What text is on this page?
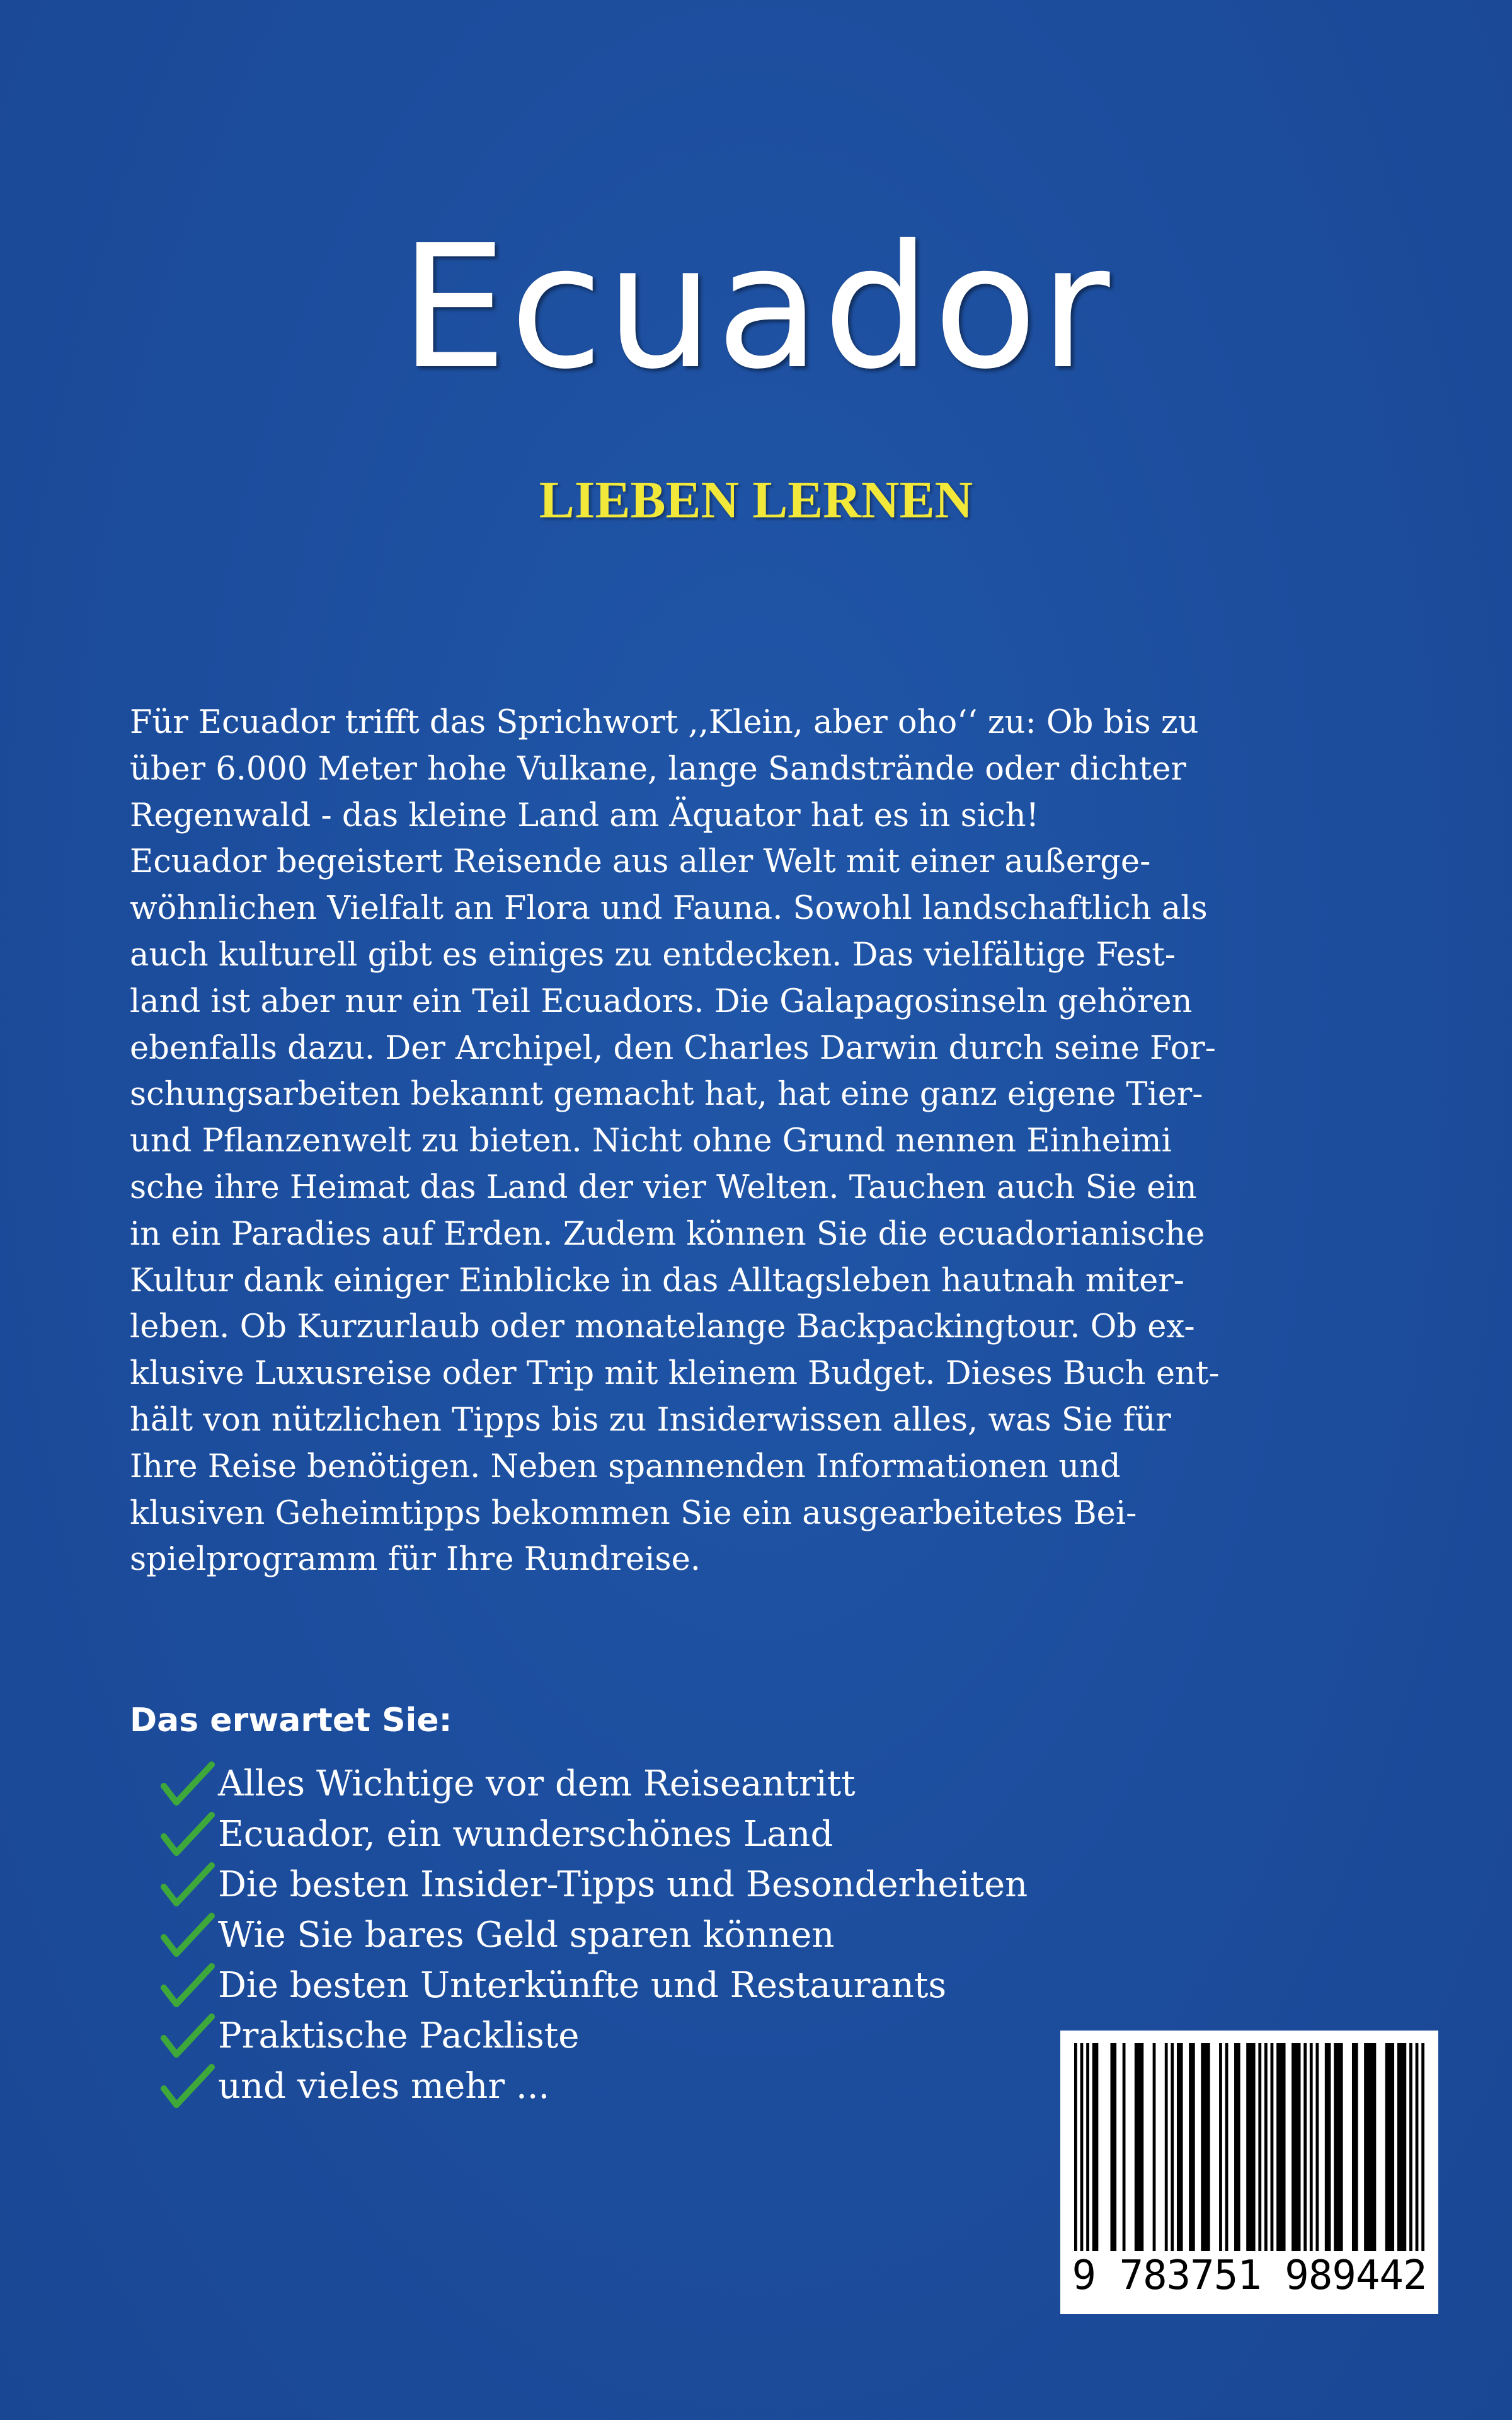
Ecuador
LIEBEN LERNEN

Für Ecuador trifft das Sprichwort ,,Klein, aber oho‘‘ zu: Ob bis zu
über 6.000 Meter hohe Vulkane, lange Sandstrände oder dichter
Regenwald - das kleine Land am Äquator hat es in sich!
Ecuador begeistert Reisende aus aller Welt mit einer außerge-
wöhnlichen Vielfalt an Flora und Fauna. Sowohl landschaftlich als
auch kulturell gibt es einiges zu entdecken. Das vielfältige Fest-
land ist aber nur ein Teil Ecuadors. Die Galapagosinseln gehören
ebenfalls dazu. Der Archipel, den Charles Darwin durch seine For-
schungsarbeiten bekannt gemacht hat, hat eine ganz eigene Tier-
und Pflanzenwelt zu bieten. Nicht ohne Grund nennen Einheimi
sche ihre Heimat das Land der vier Welten. Tauchen auch Sie ein
in ein Paradies auf Erden. Zudem können Sie die ecuadorianische
Kultur dank einiger Einblicke in das Alltagsleben hautnah miter-
leben. Ob Kurzurlaub oder monatelange Backpackingtour. Ob ex-
klusive Luxusreise oder Trip mit kleinem Budget. Dieses Buch ent-
hält von nützlichen Tipps bis zu Insiderwissen alles, was Sie für
Ihre Reise benötigen. Neben spannenden Informationen und
klusiven Geheimtipps bekommen Sie ein ausgearbeitetes Bei-
spielprogramm für Ihre Rundreise.

Das erwartet Sie:
Alles Wichtige vor dem Reiseantritt
Ecuador, ein wunderschönes Land
Die besten Insider-Tipps und Besonderheiten
Wie Sie bares Geld sparen können
Die besten Unterkünfte und Restaurants
Praktische Packliste
und vieles mehr ...
9 783751 989442
